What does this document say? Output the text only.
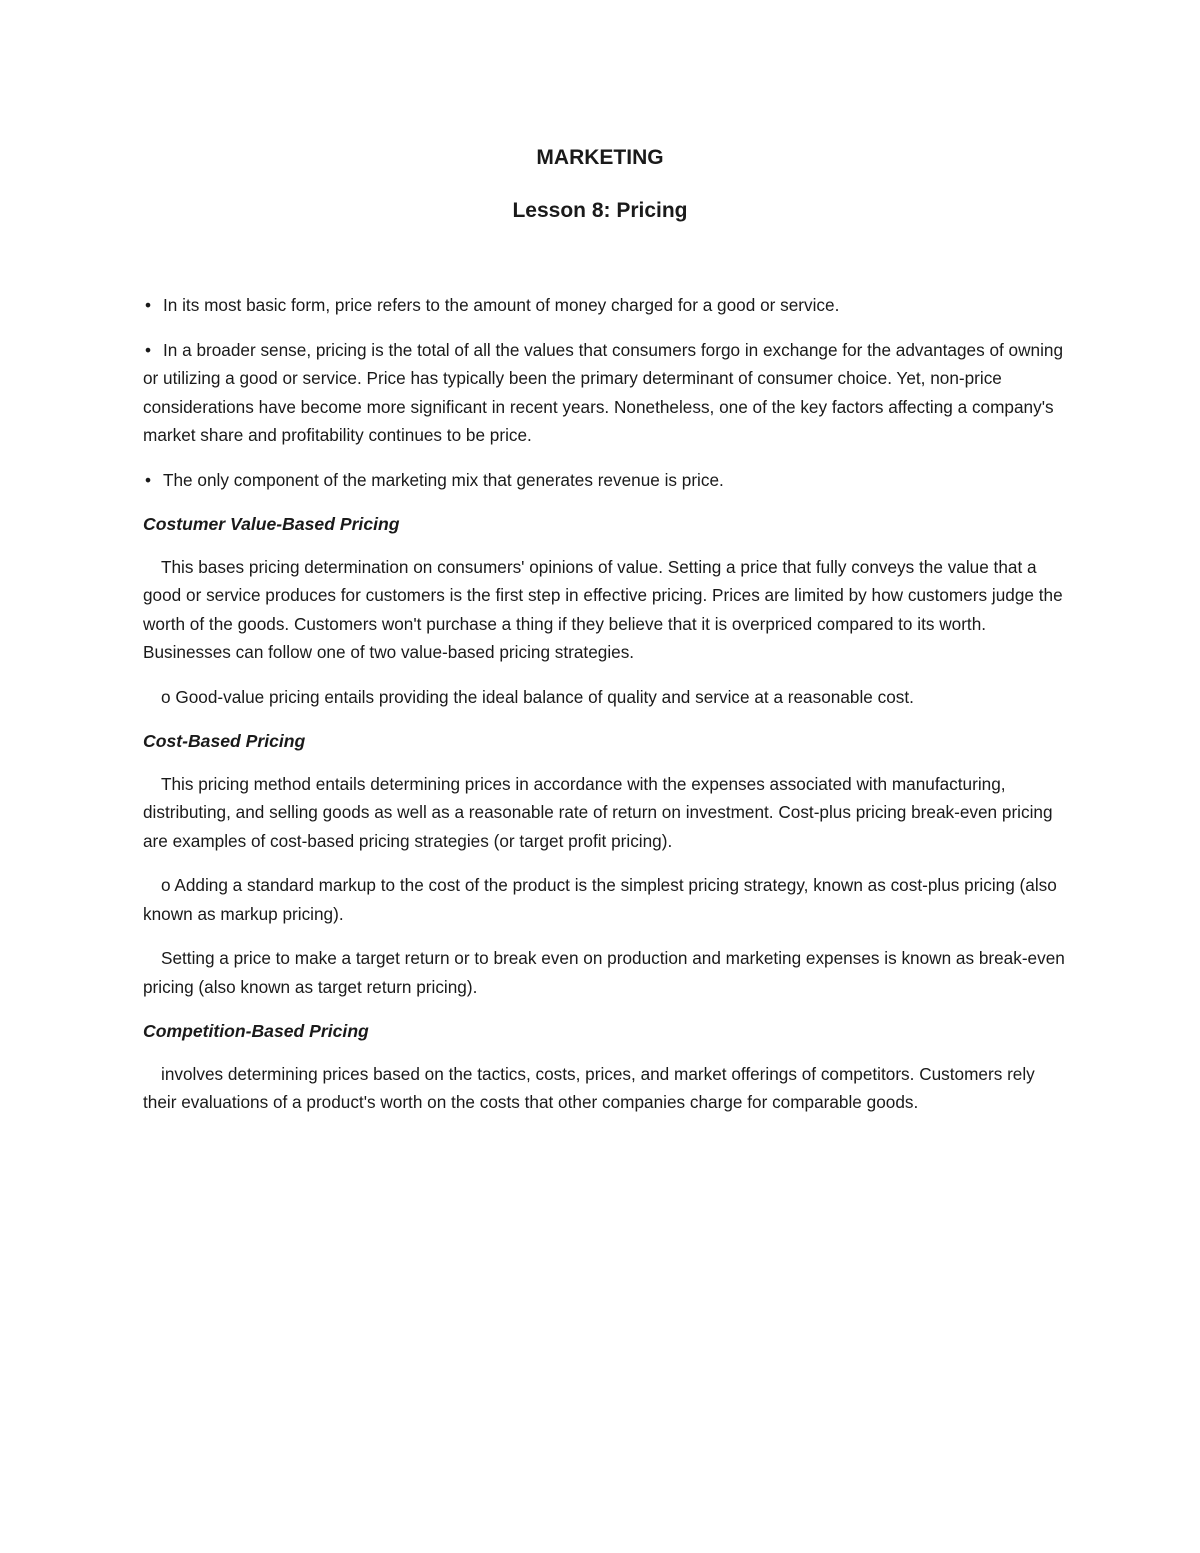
MARKETING
Lesson 8: Pricing

• In its most basic form, price refers to the amount of money charged for a good or service.

• In a broader sense, pricing is the total of all the values that consumers forgo in exchange for the advantages of owning or utilizing a good or service. Price has typically been the primary determinant of consumer choice. Yet, non-price considerations have become more significant in recent years. Nonetheless, one of the key factors affecting a company's market share and profitability continues to be price.

• The only component of the marketing mix that generates revenue is price.

Costumer Value-Based Pricing

This bases pricing determination on consumers' opinions of value. Setting a price that fully conveys the value that a good or service produces for customers is the first step in effective pricing. Prices are limited by how customers judge the worth of the goods. Customers won't purchase a thing if they believe that it is overpriced compared to its worth. Businesses can follow one of two value-based pricing strategies.

o Good-value pricing entails providing the ideal balance of quality and service at a reasonable cost.

Cost-Based Pricing

This pricing method entails determining prices in accordance with the expenses associated with manufacturing, distributing, and selling goods as well as a reasonable rate of return on investment. Cost-plus pricing break-even pricing are examples of cost-based pricing strategies (or target profit pricing).

o Adding a standard markup to the cost of the product is the simplest pricing strategy, known as cost-plus pricing (also known as markup pricing).

Setting a price to make a target return or to break even on production and marketing expenses is known as break-even pricing (also known as target return pricing).

Competition-Based Pricing

involves determining prices based on the tactics, costs, prices, and market offerings of competitors. Customers rely their evaluations of a product's worth on the costs that other companies charge for comparable goods.
